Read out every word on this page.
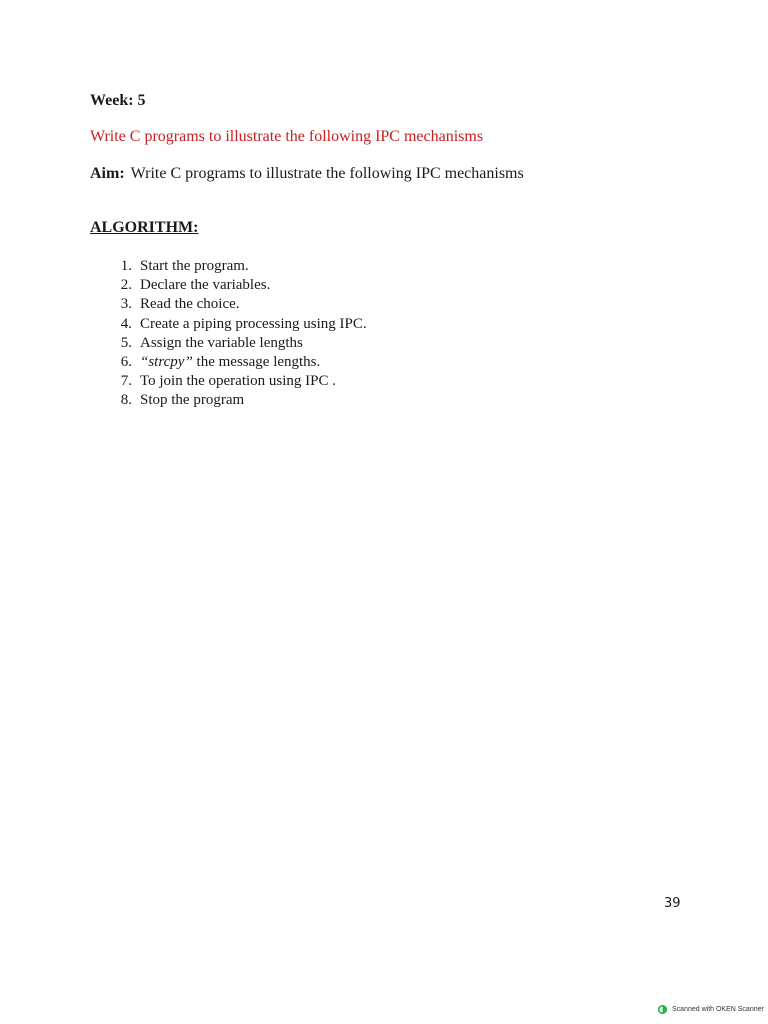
Week: 5
Write C programs to illustrate the following IPC mechanisms
Aim: Write C programs to illustrate the following IPC mechanisms
ALGORITHM:
1. Start the program.
2. Declare the variables.
3. Read the choice.
4. Create a piping processing using IPC.
5. Assign the variable lengths
6. “strcpy” the message lengths.
7. To join the operation using IPC .
8. Stop the program
39
Scanned with OKEN Scanner
